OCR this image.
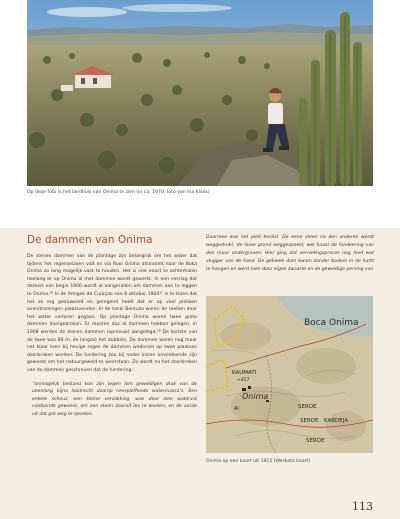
Op deze foto is het landhuis van Onima te zien (in ca. 1970, foto van Ina Kloos)
De dammen van Onima

De stenen dammen van de plantage zijn belangrijk om het water dat tijdens het regenseizoen valt en via Rooi Onima afstroomt naar de Boka Onima zo lang mogelijk vast te houden. Het is niet exact te achterhalen hoelang er op Onima al met dammen wordt gewerkt. In een verslag dat dateert van begin 1900 wordt al aangeraden om dammen aan te leggen te Onima.¹⁶ In de Amigoe de Curaçao van 8 oktober 1904¹⁷ is te lezen dat het zo erg geonweerd en geregend heeft dat er op veel plekken overstromingen plaatsvonden. In de tanki Bentuza waren de teelten door het water verloren gegaan. Op plantage Onima waren twee grote dammen doorgebroken. Er moeten dus al dammen hebben gelegen. In 1908 werden de stenen dammen (opnieuw) aangelegd.¹⁸ De kortste van de twee was 80 m, de langste het dubbele. De dammen waren nog maar net klaar toen bij hevige regen de dammen wederom op twee plaatsen doorbraken werden. De fundering zou bij nader inzien onvoldoende zijn geweest om het natuurgeweld te weerstaan. Zo wordt na het doorbreken van de dammen geschreven dat de fundering:

“onmogelijk bestand kon zijn tegen den geweldigen druk van de ueenlang bijna loodrecht daarop neerploffende watermassa’s. Een enkele scheuz, een kleine verzakking, was door zien waterval voldoende geweest, om een steen daaruit los te woelen, en de aarde uit dat gat weg te spoelen.

Daarmee was het pleit beslist. De eene steen na den anderen wordt weggedrukt, de losse grond weggespoeld, wel haast de fundeering van den muur ondergraven. Hier ging dat vernielingsproces nog heel wat vlugger van de hand. De geheele dam kwam zonder bodem in de lucht te hangen en werd toen door eigen zwaarte en de geweldige persing van

Boca Onima
KAUMATI
+457
Onima
Ai	SEROE
SEROE KABDEJA
SEROE
Onima op een kaart uit 1915 (Werbata kaart)
113
